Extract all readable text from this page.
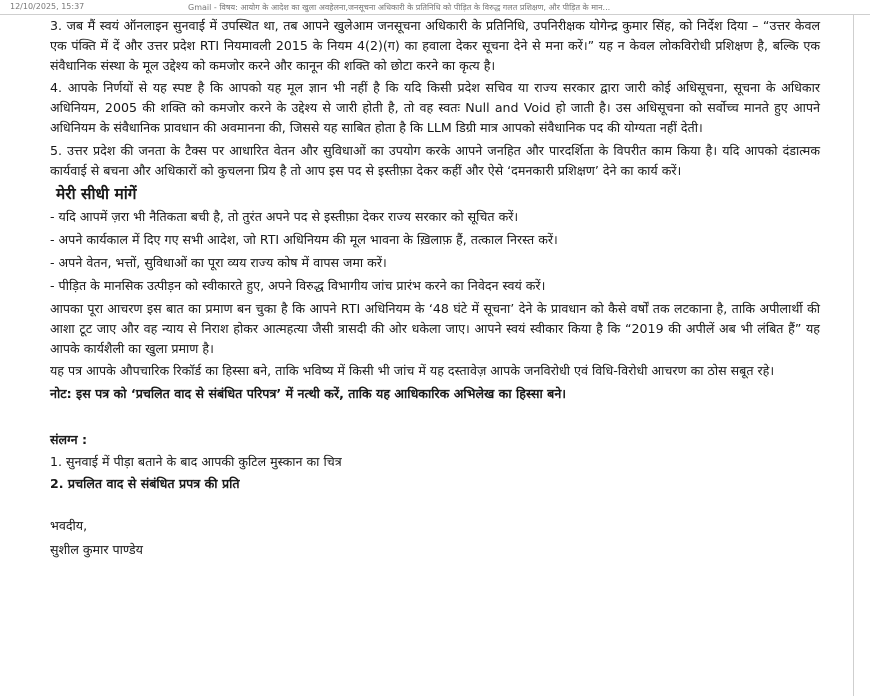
12/10/2025, 15:37	Gmail - विषय: आयोग के आदेश का खुला अवहेलना,जनसूचना अधिकारी के प्रतिनिधि को पीड़ित के विरुद्ध गलत प्रशिक्षण, और पीड़ित के मान...

3. जब मैं स्वयं ऑनलाइन सुनवाई में उपस्थित था, तब आपने खुलेआम जनसूचना अधिकारी के प्रतिनिधि, उपनिरीक्षक योगेन्द्र कुमार सिंह, को निर्देश दिया – “उत्तर केवल एक पंक्ति में दें और उत्तर प्रदेश RTI नियमावली 2015 के नियम 4(2)(ग) का हवाला देकर सूचना देने से मना करें।” यह न केवल लोकविरोधी प्रशिक्षण है, बल्कि एक संवैधानिक संस्था के मूल उद्देश्य को कमजोर करने और कानून की शक्ति को छोटा करने का कृत्य है।

4. आपके निर्णयों से यह स्पष्ट है कि आपको यह मूल ज्ञान भी नहीं है कि यदि किसी प्रदेश सचिव या राज्य सरकार द्वारा जारी कोई अधिसूचना, सूचना के अधिकार अधिनियम, 2005 की शक्ति को कमजोर करने के उद्देश्य से जारी होती है, तो वह स्वतः Null and Void हो जाती है। उस अधिसूचना को सर्वोच्च मानते हुए आपने अधिनियम के संवैधानिक प्रावधान की अवमानना की, जिससे यह साबित होता है कि LLM डिग्री मात्र आपको संवैधानिक पद की योग्यता नहीं देती।

5. उत्तर प्रदेश की जनता के टैक्स पर आधारित वेतन और सुविधाओं का उपयोग करके आपने जनहित और पारदर्शिता के विपरीत काम किया है। यदि आपको दंडात्मक कार्यवाई से बचना और अधिकारों को कुचलना प्रिय है तो आप इस पद से इस्तीफ़ा देकर कहीं और ऐसे ‘दमनकारी प्रशिक्षण’ देने का कार्य करें।

मेरी सीधी मांगें
- यदि आपमें ज़रा भी नैतिकता बची है, तो तुरंत अपने पद से इस्तीफ़ा देकर राज्य सरकार को सूचित करें।
- अपने कार्यकाल में दिए गए सभी आदेश, जो RTI अधिनियम की मूल भावना के ख़िलाफ़ हैं, तत्काल निरस्त करें।
- अपने वेतन, भत्तों, सुविधाओं का पूरा व्यय राज्य कोष में वापस जमा करें।
- पीड़ित के मानसिक उत्पीड़न को स्वीकारते हुए, अपने विरुद्ध विभागीय जांच प्रारंभ करने का निवेदन स्वयं करें।

आपका पूरा आचरण इस बात का प्रमाण बन चुका है कि आपने RTI अधिनियम के ‘48 घंटे में सूचना’ देने के प्रावधान को कैसे वर्षों तक लटकाना है, ताकि अपीलार्थी की आशा टूट जाए और वह न्याय से निराश होकर आत्महत्या जैसी त्रासदी की ओर धकेला जाए। आपने स्वयं स्वीकार किया है कि “2019 की अपीलें अब भी लंबित हैं” यह आपके कार्यशैली का खुला प्रमाण है।

यह पत्र आपके औपचारिक रिकॉर्ड का हिस्सा बने, ताकि भविष्य में किसी भी जांच में यह दस्तावेज़ आपके जनविरोधी एवं विधि-विरोधी आचरण का ठोस सबूत रहे।

नोट: इस पत्र को ‘प्रचलित वाद से संबंधित परिपत्र’ में नत्थी करें, ताकि यह आधिकारिक अभिलेख का हिस्सा बने।

संलग्न :
1. सुनवाई में पीड़ा बताने के बाद आपकी कुटिल मुस्कान का चित्र
2. प्रचलित वाद से संबंधित प्रपत्र की प्रति
भवदीय,
सुशील कुमार पाण्डेय
